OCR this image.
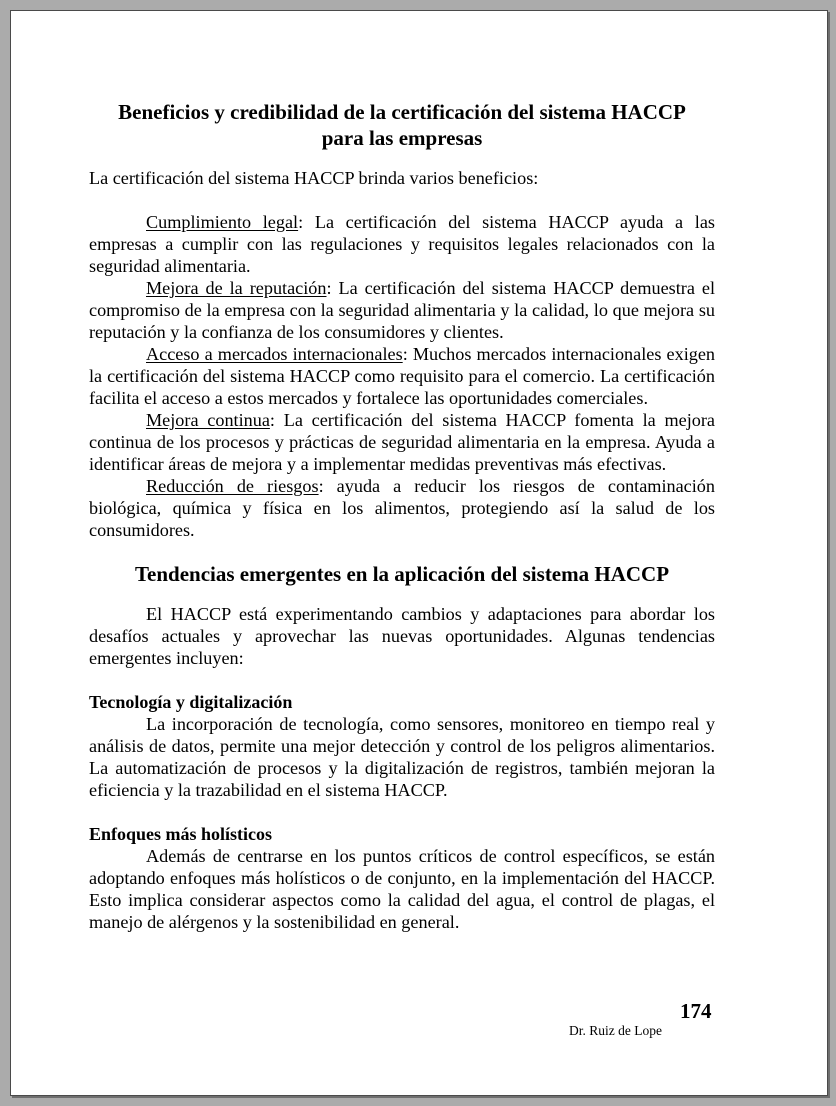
Beneficios y credibilidad de la certificación del sistema HACCP
para las empresas

La certificación del sistema HACCP brinda varios beneficios:

Cumplimiento legal: La certificación del sistema HACCP ayuda a las empresas a cumplir con las regulaciones y requisitos legales relacionados con la seguridad alimentaria.

Mejora de la reputación: La certificación del sistema HACCP demuestra el compromiso de la empresa con la seguridad alimentaria y la calidad, lo que mejora su reputación y la confianza de los consumidores y clientes.

Acceso a mercados internacionales: Muchos mercados internacionales exigen la certificación del sistema HACCP como requisito para el comercio. La certificación facilita el acceso a estos mercados y fortalece las oportunidades comerciales.

Mejora continua: La certificación del sistema HACCP fomenta la mejora continua de los procesos y prácticas de seguridad alimentaria en la empresa. Ayuda a identificar áreas de mejora y a implementar medidas preventivas más efectivas.

Reducción de riesgos: ayuda a reducir los riesgos de contaminación biológica, química y física en los alimentos, protegiendo así la salud de los consumidores.

Tendencias emergentes en la aplicación del sistema HACCP

El HACCP está experimentando cambios y adaptaciones para abordar los desafíos actuales y aprovechar las nuevas oportunidades. Algunas tendencias emergentes incluyen:

Tecnología y digitalización

La incorporación de tecnología, como sensores, monitoreo en tiempo real y análisis de datos, permite una mejor detección y control de los peligros alimentarios. La automatización de procesos y la digitalización de registros, también mejoran la eficiencia y la trazabilidad en el sistema HACCP.

Enfoques más holísticos

Además de centrarse en los puntos críticos de control específicos, se están adoptando enfoques más holísticos o de conjunto, en la implementación del HACCP. Esto implica considerar aspectos como la calidad del agua, el control de plagas, el manejo de alérgenos y la sostenibilidad en general.

174
Dr. Ruiz de Lope
